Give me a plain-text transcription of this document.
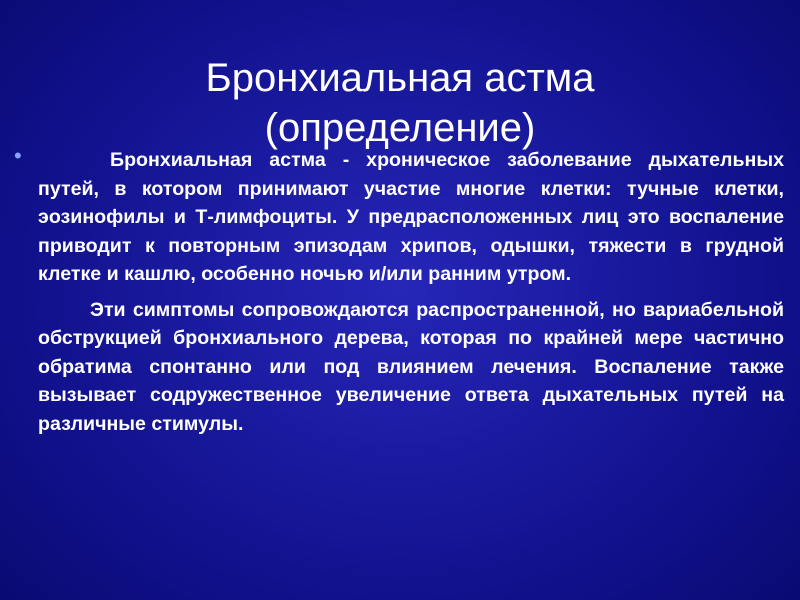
Бронхиальная астма
(определение)
•	Бронхиальная астма - хроническое заболевание дыхательных путей, в котором принимают участие многие клетки: тучные клетки, эозинофилы и Т-лимфоциты. У предрасположенных лиц это воспаление приводит к повторным эпизодам хрипов, одышки, тяжести в грудной клетке и кашлю, особенно ночью и/или ранним утром.

Эти симптомы сопровождаются распространенной, но вариабельной обструкцией бронхиального дерева, которая по крайней мере частично обратима спонтанно или под влиянием лечения. Воспаление также вызывает содружественное увеличение ответа дыхательных путей на различные стимулы.
